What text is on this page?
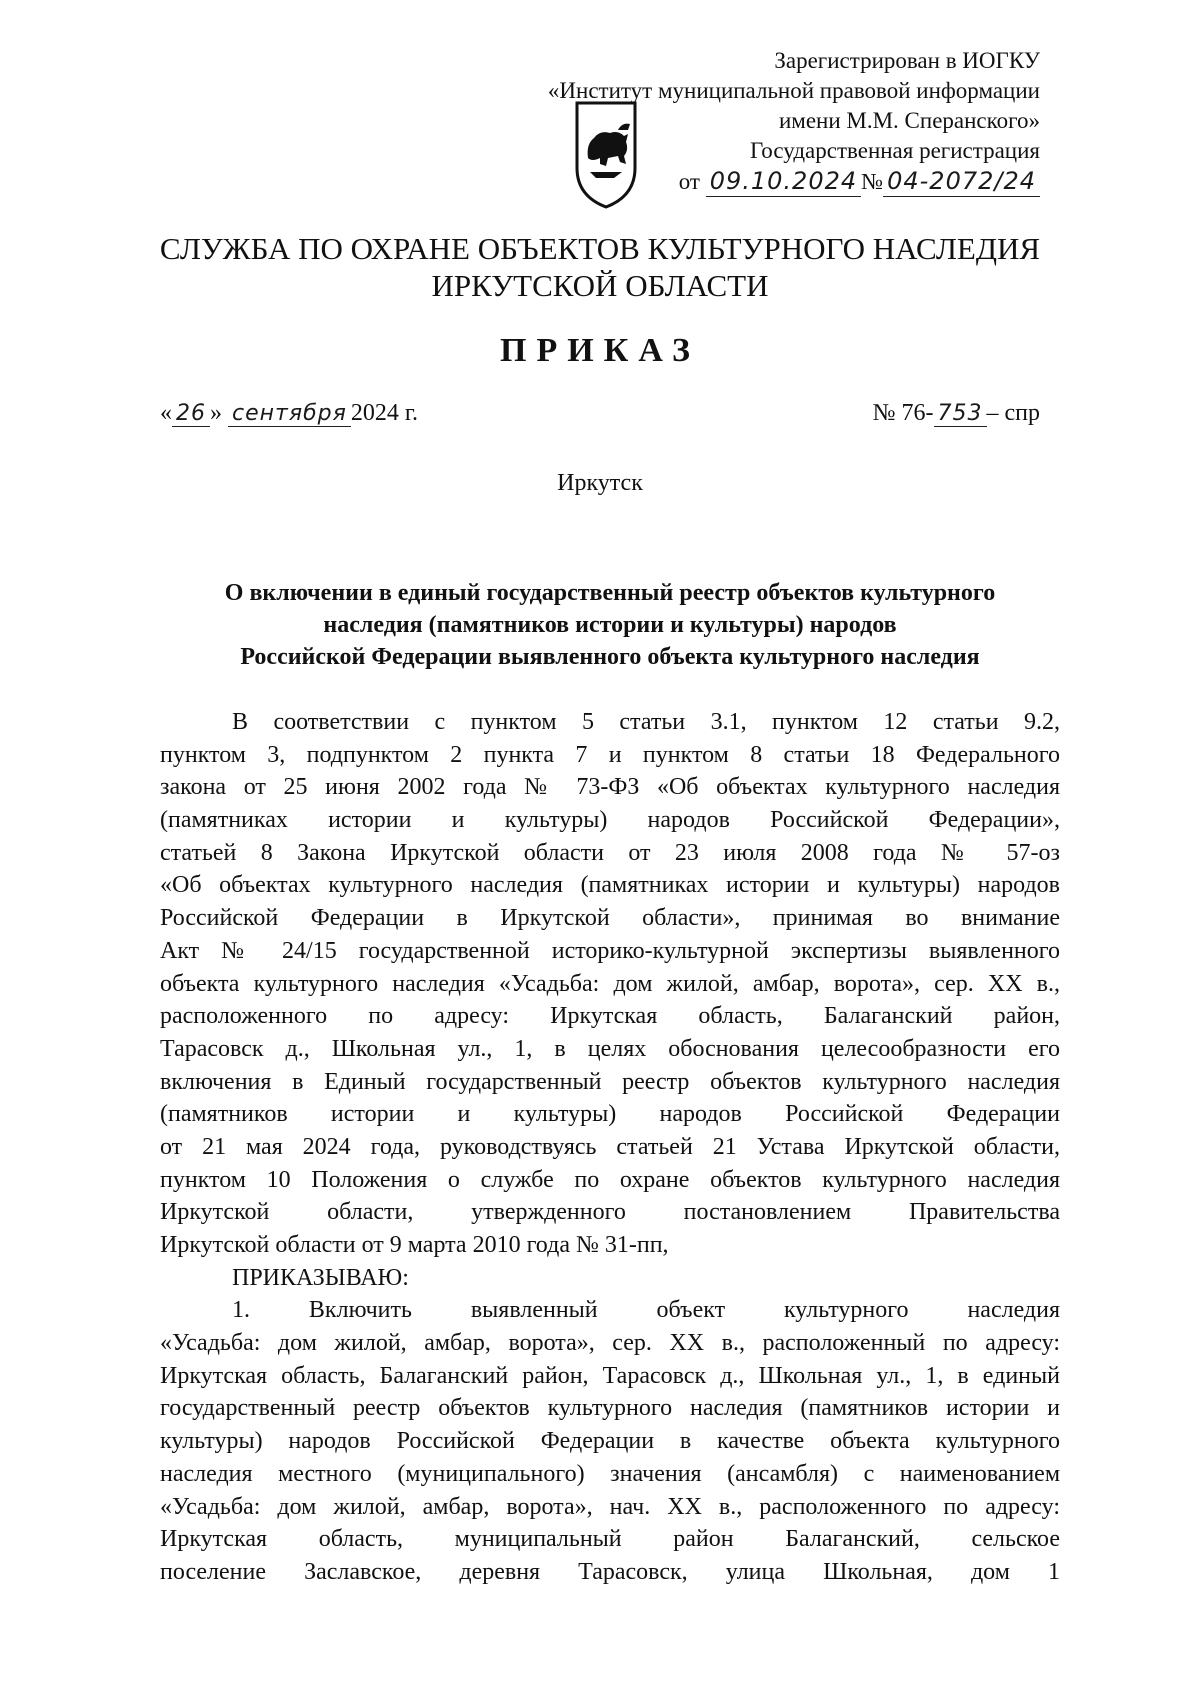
Зарегистрирован в ИОГКУ
«Институт муниципальной правовой информации
имени М.М. Сперанского»
Государственная регистрация
от 09.10.2024 № 04-2072/24
СЛУЖБА ПО ОХРАНЕ ОБЪЕКТОВ КУЛЬТУРНОГО НАСЛЕДИЯ
ИРКУТСКОЙ ОБЛАСТИ
ПРИКАЗ
« 26 » сентября 2024 г.	№ 76- 753 – спр
Иркутск
О включении в единый государственный реестр объектов культурного
наследия (памятников истории и культуры) народов
Российской Федерации выявленного объекта культурного наследия
В соответствии с пунктом 5 статьи 3.1, пунктом 12 статьи 9.2,
пунктом 3, подпунктом 2 пункта 7 и пунктом 8 статьи 18 Федерального
закона от 25 июня 2002 года № 73-ФЗ «Об объектах культурного наследия
(памятниках истории и культуры) народов Российской Федерации»,
статьей 8 Закона Иркутской области от 23 июля 2008 года № 57-оз
«Об объектах культурного наследия (памятниках истории и культуры) народов
Российской Федерации в Иркутской области», принимая во внимание
Акт № 24/15 государственной историко-культурной экспертизы выявленного
объекта культурного наследия «Усадьба: дом жилой, амбар, ворота», сер. XX в.,
расположенного по адресу: Иркутская область, Балаганский район,
Тарасовск д., Школьная ул., 1, в целях обоснования целесообразности его
включения в Единый государственный реестр объектов культурного наследия
(памятников истории и культуры) народов Российской Федерации
от 21 мая 2024 года, руководствуясь статьей 21 Устава Иркутской области,
пунктом 10 Положения о службе по охране объектов культурного наследия
Иркутской области, утвержденного постановлением Правительства
Иркутской области от 9 марта 2010 года № 31-пп,
ПРИКАЗЫВАЮ:
1. Включить выявленный объект культурного наследия
«Усадьба: дом жилой, амбар, ворота», сер. XX в., расположенный по адресу:
Иркутская область, Балаганский район, Тарасовск д., Школьная ул., 1, в единый
государственный реестр объектов культурного наследия (памятников истории и
культуры) народов Российской Федерации в качестве объекта культурного
наследия местного (муниципального) значения (ансамбля) с наименованием
«Усадьба: дом жилой, амбар, ворота», нач. XX в., расположенного по адресу:
Иркутская область, муниципальный район Балаганский, сельское
поселение Заславское, деревня Тарасовск, улица Школьная, дом 1
